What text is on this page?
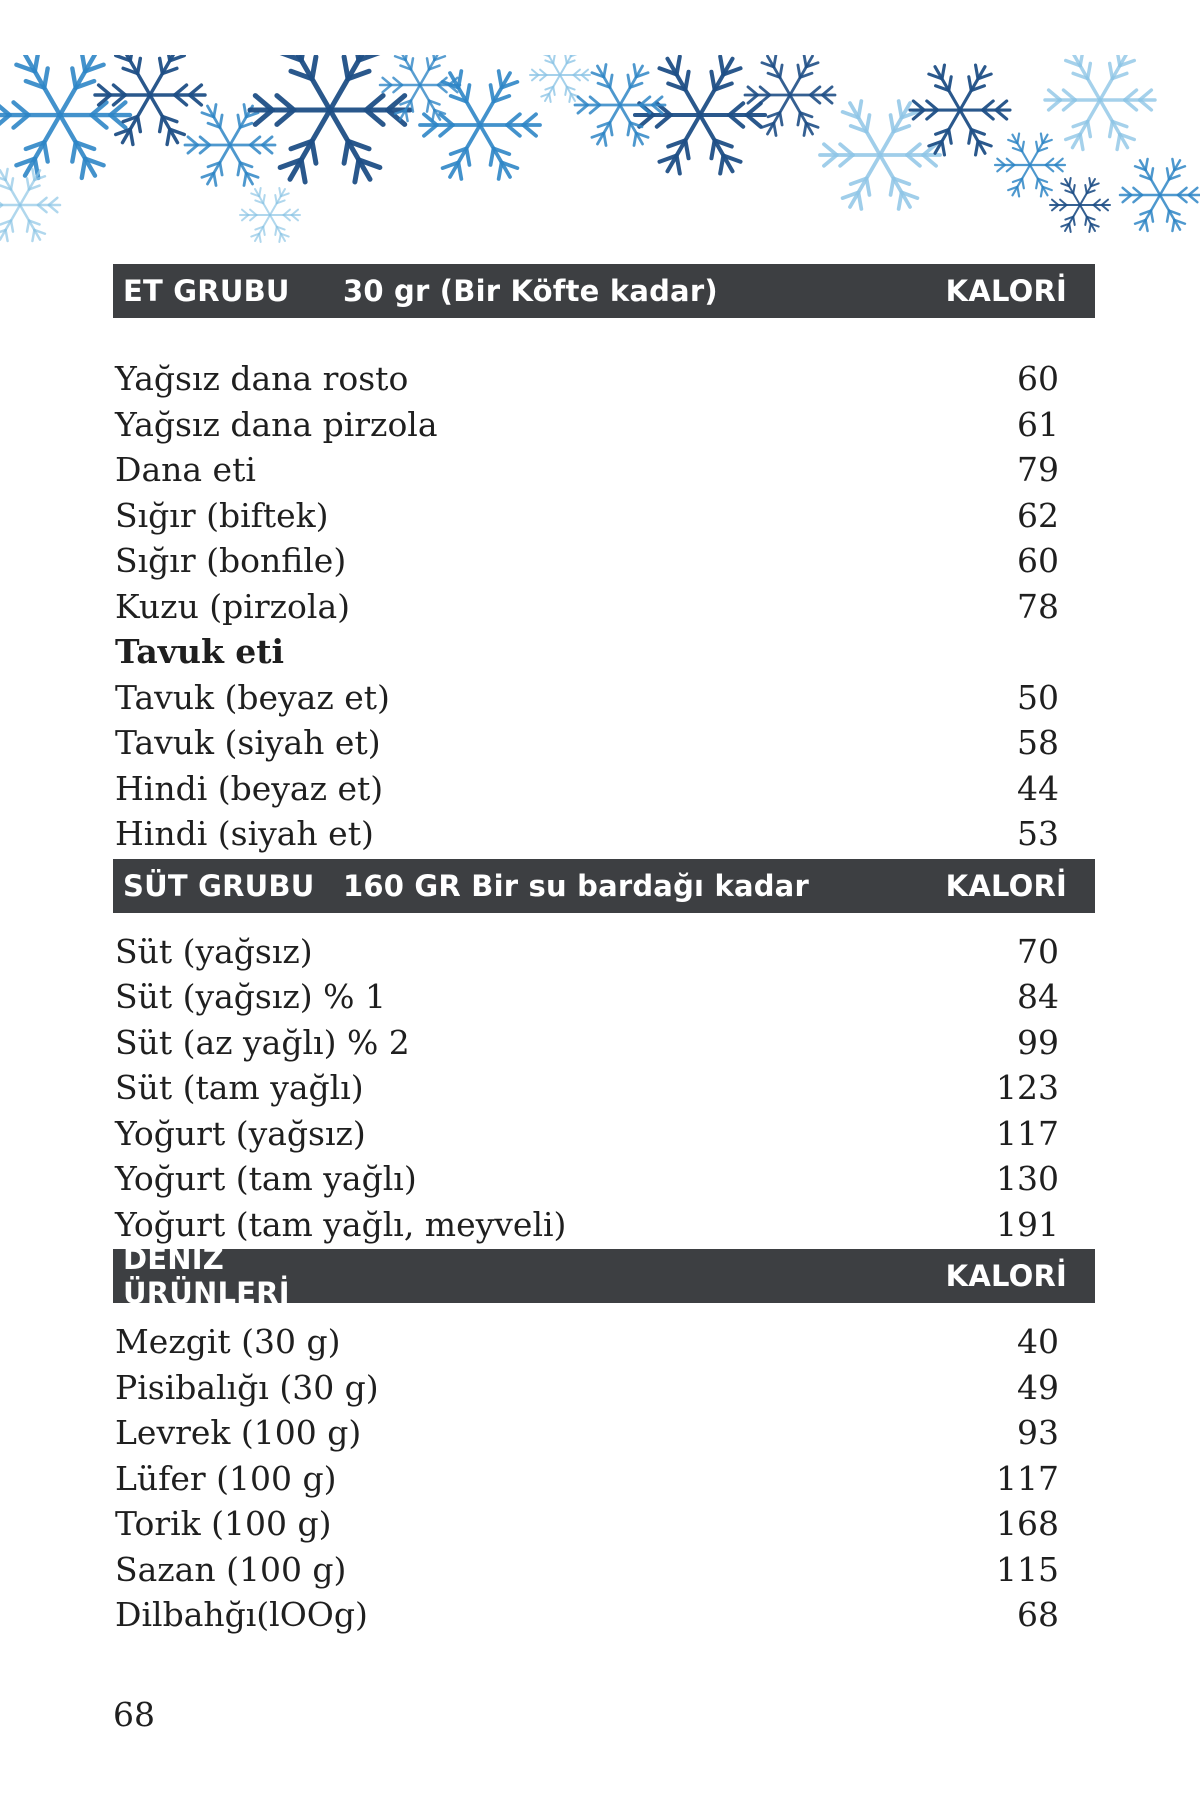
ET GRUBU	30 gr (Bir Köfte kadar)	KALORİ
Yağsız dana rosto	60
Yağsız dana pirzola	61
Dana eti	79
Sığır (biftek)	62
Sığır (bonfile)	60
Kuzu (pirzola)	78
Tavuk eti
Tavuk (beyaz et)	50
Tavuk (siyah et)	58
Hindi (beyaz et)	44
Hindi (siyah et)	53
SÜT GRUBU 160 GR Bir su bardağı kadar	KALORİ
Süt (yağsız)	70
Süt (yağsız) % 1	84
Süt (az yağlı) % 2	99
Süt (tam yağlı)	123
Yoğurt (yağsız)	117
Yoğurt (tam yağlı)	130
Yoğurt (tam yağlı, meyveli)	191
DENİZ ÜRÜNLERİ	KALORİ
Mezgit (30 g)	40
Pisibalığı (30 g)	49
Levrek (100 g)	93
Lüfer (100 g)	117
Torik (100 g)	168
Sazan (100 g)	115
Dilbahğı(lOOg)	68
68
